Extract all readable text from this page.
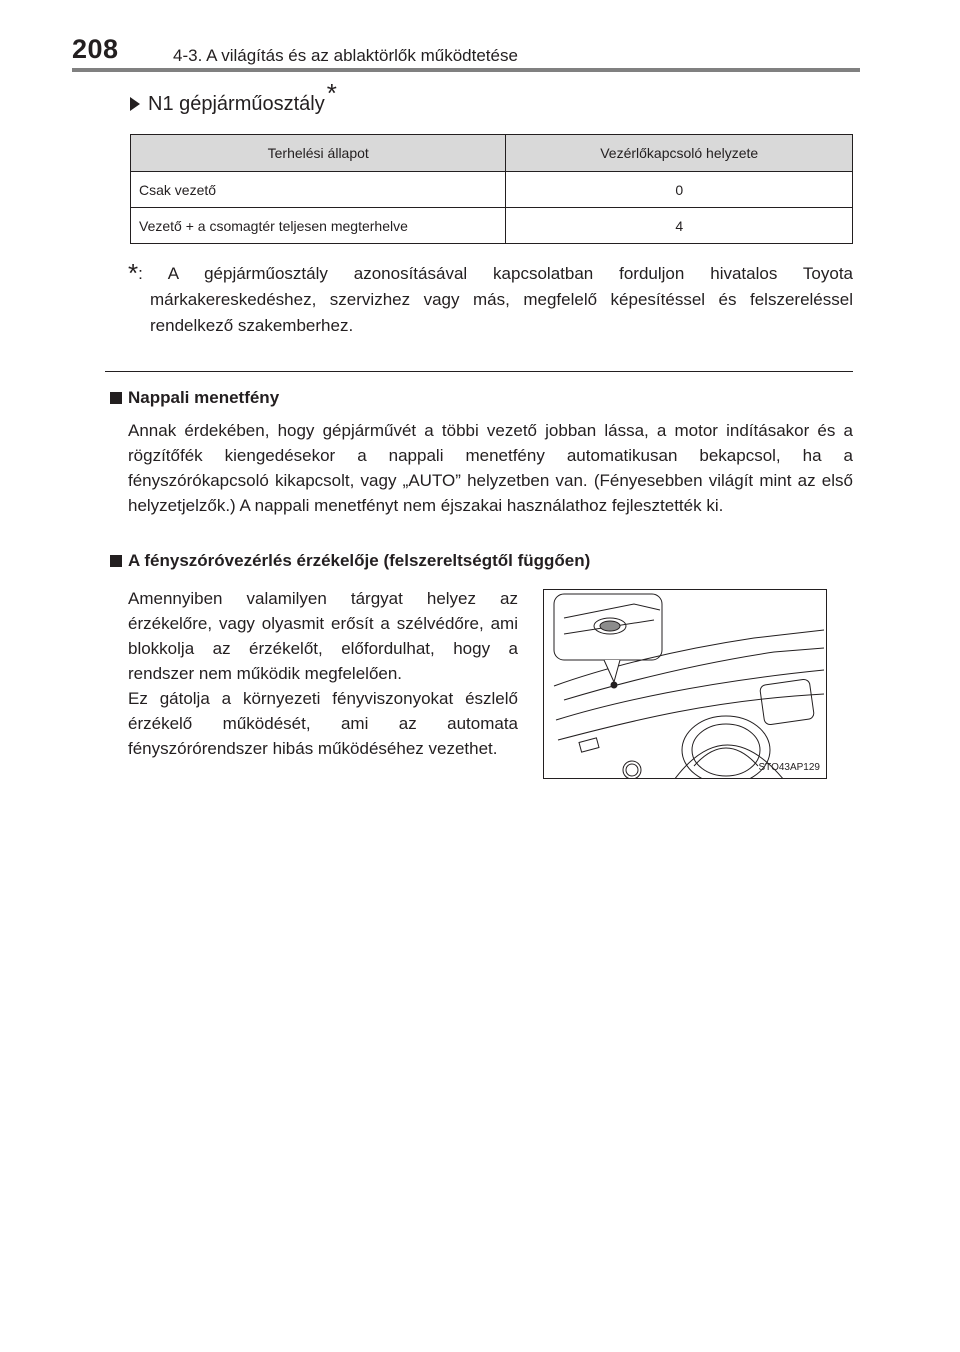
208	4-3. A világítás és az ablaktörlők működtetése
N1 gépjárműosztály *
Terhelési állapot	Vezérlőkapcsoló helyzete
Csak vezető	0
Vezető + a csomagtér teljesen megterhelve	4
*: A gépjárműosztály azonosításával kapcsolatban forduljon hivatalos Toyota márkakereskedéshez, szervizhez vagy más, megfelelő képesítéssel és felszereléssel rendelkező szakemberhez.
Nappali menetfény
Annak érdekében, hogy gépjárművét a többi vezető jobban lássa, a motor indításakor és a rögzítőfék kiengedésekor a nappali menetfény automatikusan bekapcsol, ha a fényszórókapcsoló kikapcsolt, vagy „AUTO” helyzetben van. (Fényesebben világít mint az első helyzetjelzők.) A nappali menetfényt nem éjszakai használathoz fejlesztették ki.
A fényszóróvezérlés érzékelője (felszereltségtől függően)
Amennyiben valamilyen tárgyat helyez az érzékelőre, vagy olyasmit erősít a szélvédőre, ami blokkolja az érzékelőt, előfordulhat, hogy a rendszer nem működik megfelelően.
Ez gátolja a környezeti fényviszonyokat észlelő érzékelő működését, ami az automata fényszórórendszer hibás működéséhez vezethet.
STO43AP129
